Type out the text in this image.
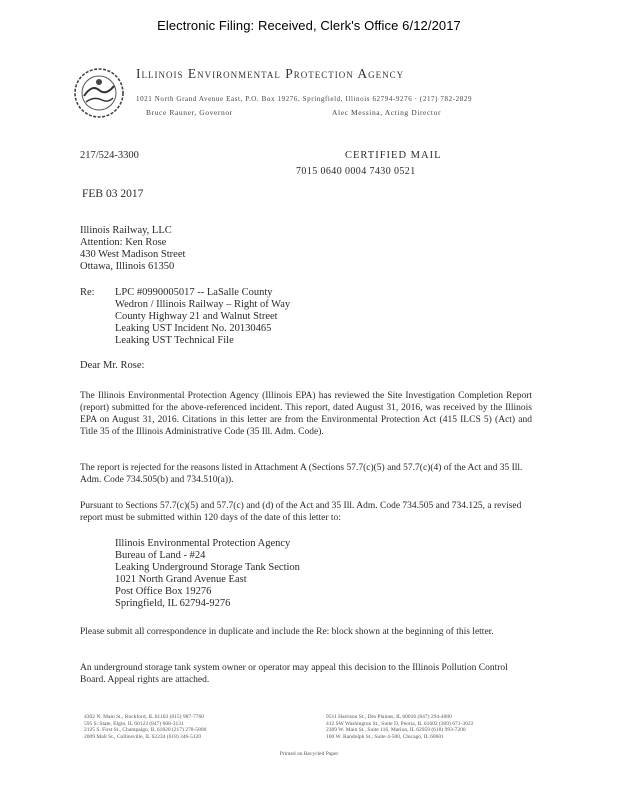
Electronic Filing: Received, Clerk's Office 6/12/2017
Illinois Environmental Protection Agency
1021 North Grand Avenue East, P.O. Box 19276, Springfield, Illinois 62794-9276 · (217) 782-2829
Bruce Rauner, Governor	Alec Messina, Acting Director
217/524-3300	CERTIFIED MAIL
7015 0640 0004 7430 0521
FEB 03 2017
Illinois Railway, LLC
Attention: Ken Rose
430 West Madison Street
Ottawa, Illinois 61350
Re: LPC #0990005017 -- LaSalle County
Wedron / Illinois Railway – Right of Way
County Highway 21 and Walnut Street
Leaking UST Incident No. 20130465
Leaking UST Technical File
Dear Mr. Rose:
The Illinois Environmental Protection Agency (Illinois EPA) has reviewed the Site Investigation Completion Report (report) submitted for the above-referenced incident. This report, dated August 31, 2016, was received by the Illinois EPA on August 31, 2016. Citations in this letter are from the Environmental Protection Act (415 ILCS 5) (Act) and Title 35 of the Illinois Administrative Code (35 Ill. Adm. Code).
The report is rejected for the reasons listed in Attachment A (Sections 57.7(c)(5) and 57.7(c)(4) of the Act and 35 Ill. Adm. Code 734.505(b) and 734.510(a)).
Pursuant to Sections 57.7(c)(5) and 57.7(c) and (d) of the Act and 35 Ill. Adm. Code 734.505 and 734.125, a revised report must be submitted within 120 days of the date of this letter to:
Illinois Environmental Protection Agency
Bureau of Land - #24
Leaking Underground Storage Tank Section
1021 North Grand Avenue East
Post Office Box 19276
Springfield, IL 62794-9276
Please submit all correspondence in duplicate and include the Re: block shown at the beginning of this letter.
An underground storage tank system owner or operator may appeal this decision to the Illinois Pollution Control Board. Appeal rights are attached.
4302 N. Main St., Rockford, IL 61103 (815) 987-7760
595 S. State, Elgin, IL 60123 (847) 608-3131
2125 S. First St., Champaign, IL 61820 (217) 278-5800
2009 Mall St., Collinsville, IL 62234 (618) 346-5120
9511 Harrison St., Des Plaines, IL 60016 (847) 294-4000
412 SW Washington St., Suite D, Peoria, IL 61602 (309) 671-3022
2309 W. Main St., Suite 116, Marion, IL 62959 (618) 993-7200
100 W. Randolph St., Suite 4-500, Chicago, IL 60601
Printed on Recycled Paper
